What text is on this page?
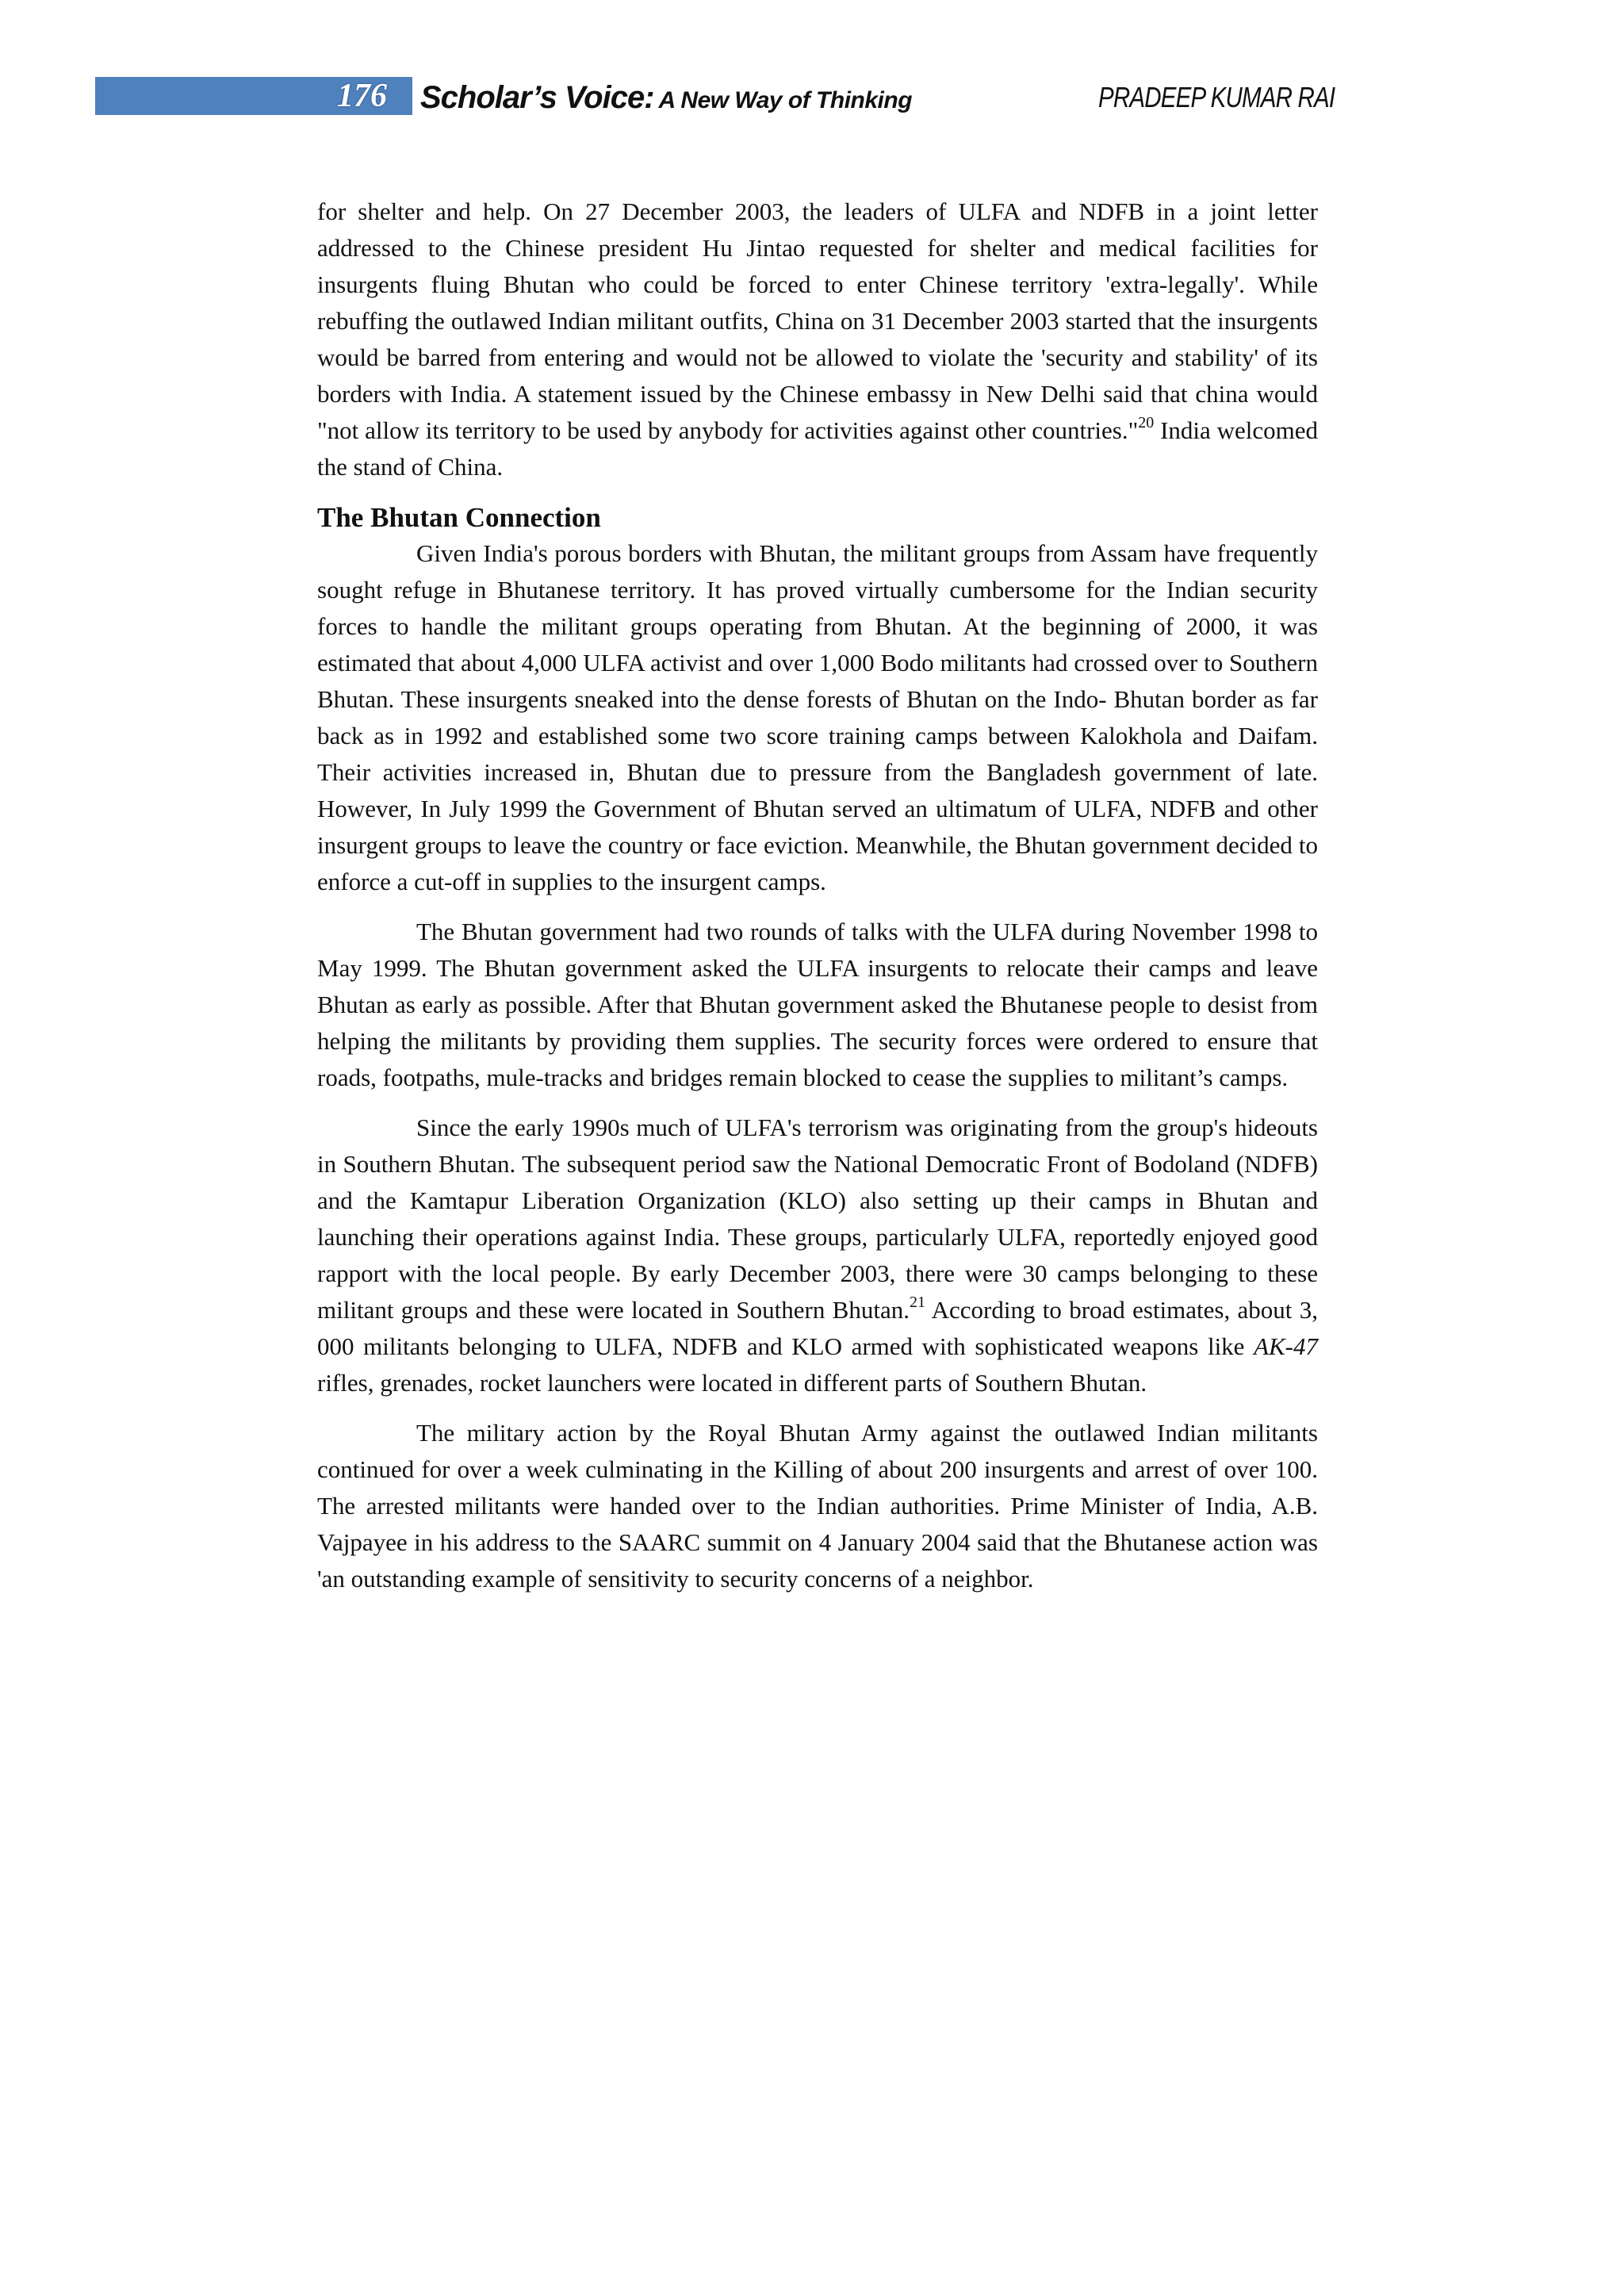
176	Scholar’s Voice: A New Way of Thinking	PRADEEP KUMAR RAI

for shelter and help. On 27 December 2003, the leaders of ULFA and NDFB in a joint letter addressed to the Chinese president Hu Jintao requested for shelter and medical facilities for insurgents fluing Bhutan who could be forced to enter Chinese territory 'extra-legally'. While rebuffing the outlawed Indian militant outfits, China on 31 December 2003 started that the insurgents would be barred from entering and would not be allowed to violate the 'security and stability' of its borders with India. A statement issued by the Chinese embassy in New Delhi said that china would "not allow its territory to be used by anybody for activities against other countries."$^{20}$ India welcomed the stand of China.

The Bhutan Connection

Given India's porous borders with Bhutan, the militant groups from Assam have frequently sought refuge in Bhutanese territory. It has proved virtually cumbersome for the Indian security forces to handle the militant groups operating from Bhutan. At the beginning of 2000, it was estimated that about 4,000 ULFA activist and over 1,000 Bodo militants had crossed over to Southern Bhutan. These insurgents sneaked into the dense forests of Bhutan on the Indo- Bhutan border as far back as in 1992 and established some two score training camps between Kalokhola and Daifam. Their activities increased in, Bhutan due to pressure from the Bangladesh government of late. However, In July 1999 the Government of Bhutan served an ultimatum of ULFA, NDFB and other insurgent groups to leave the country or face eviction. Meanwhile, the Bhutan government decided to enforce a cut-off in supplies to the insurgent camps.

The Bhutan government had two rounds of talks with the ULFA during November 1998 to May 1999. The Bhutan government asked the ULFA insurgents to relocate their camps and leave Bhutan as early as possible. After that Bhutan government asked the Bhutanese people to desist from helping the militants by providing them supplies. The security forces were ordered to ensure that roads, footpaths, mule-tracks and bridges remain blocked to cease the supplies to militant’s camps.

Since the early 1990s much of ULFA's terrorism was originating from the group's hideouts in Southern Bhutan. The subsequent period saw the National Democratic Front of Bodoland (NDFB) and the Kamtapur Liberation Organization (KLO) also setting up their camps in Bhutan and launching their operations against India. These groups, particularly ULFA, reportedly enjoyed good rapport with the local people. By early December 2003, there were 30 camps belonging to these militant groups and these were located in Southern Bhutan.$^{21}$ According to broad estimates, about 3, 000 militants belonging to ULFA, NDFB and KLO armed with sophisticated weapons like AK-47 rifles, grenades, rocket launchers were located in different parts of Southern Bhutan.

The military action by the Royal Bhutan Army against the outlawed Indian militants continued for over a week culminating in the Killing of about 200 insurgents and arrest of over 100. The arrested militants were handed over to the Indian authorities. Prime Minister of India, A.B. Vajpayee in his address to the SAARC summit on 4 January 2004 said that the Bhutanese action was 'an outstanding example of sensitivity to security concerns of a neighbor.
